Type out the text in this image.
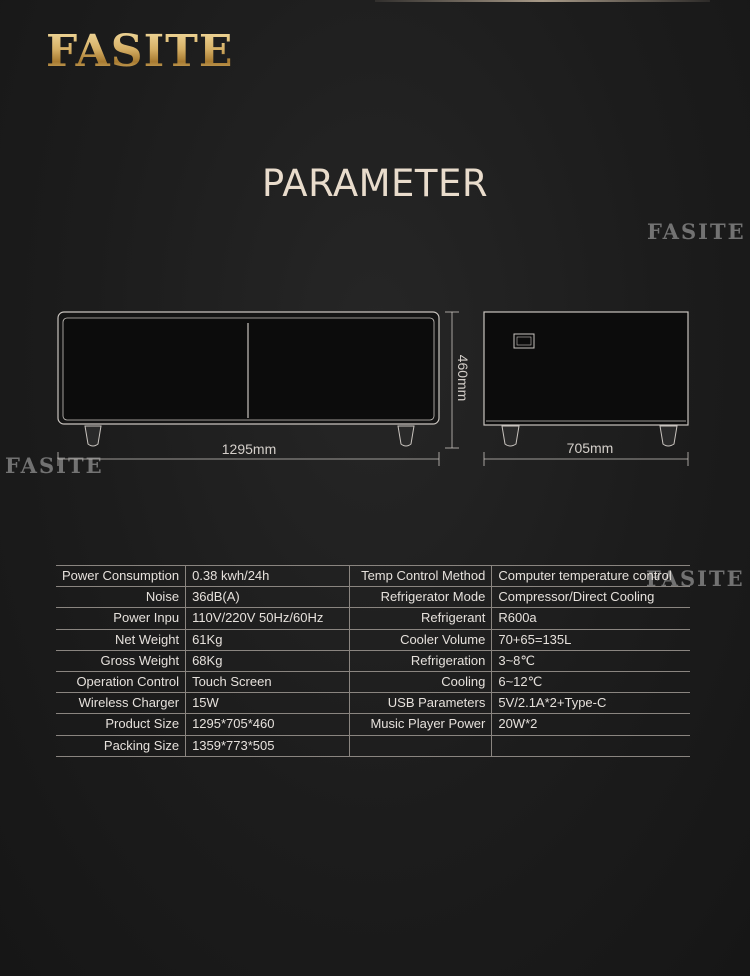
FASITE
PARAMETER
FASITE
FASITE
FASITE
1295mm
460mm
705mm
Power Consumption	0.38 kwh/24h	Temp Control Method	Computer temperature control
Noise	36dB(A)	Refrigerator Mode	Compressor/Direct Cooling
Power Inpu	110V/220V 50Hz/60Hz	Refrigerant	R600a
Net Weight	61Kg	Cooler Volume	70+65=135L
Gross Weight	68Kg	Refrigeration	3~8℃
Operation Control	Touch Screen	Cooling	6~12℃
Wireless Charger	15W	USB Parameters	5V/2.1A*2+Type-C
Product Size	1295*705*460	Music Player Power	20W*2
Packing Size	1359*773*505		
